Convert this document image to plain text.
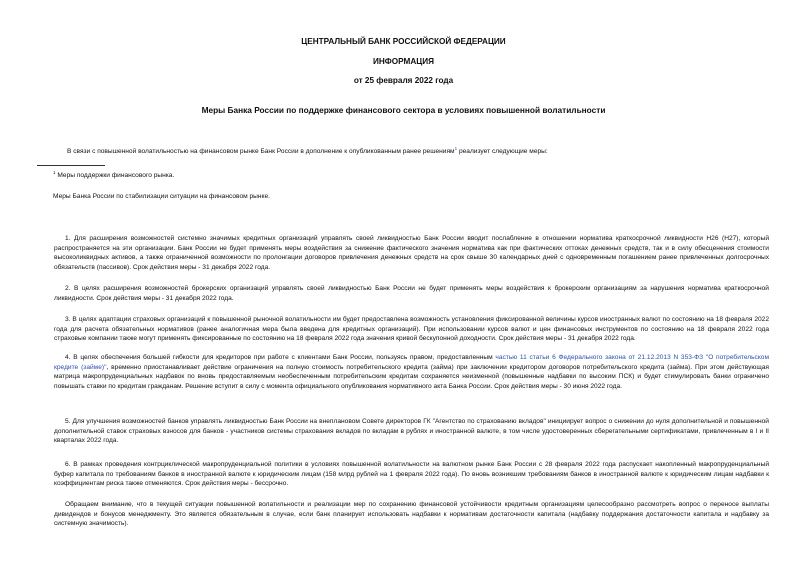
ЦЕНТРАЛЬНЫЙ БАНК РОССИЙСКОЙ ФЕДЕРАЦИИ
ИНФОРМАЦИЯ
от 25 февраля 2022 года
Меры Банка России по поддержке финансового сектора в условиях повышенной волатильности
В связи с повышенной волатильностью на финансовом рынке Банк России в дополнение к опубликованным ранее решениям$^1$ реализует следующие меры:
$^1$ Меры поддержки финансового рынка.
Меры Банка России по стабилизации ситуации на финансовом рынке.
1. Для расширения возможностей системно значимых кредитных организаций управлять своей ликвидностью Банк России вводит послабление в отношении норматива краткосрочной ликвидности Н26 (Н27), который распространяется на эти организации. Банк России не будет применять меры воздействия за снижение фактического значения норматива как при фактических оттоках денежных средств, так и в силу обесценения стоимости высоколиквидных активов, а также ограниченной возможности по пролонгации договоров привлечения денежных средств на срок свыше 30 календарных дней с одновременным погашением ранее привлеченных долгосрочных обязательств (пассивов). Срок действия меры - 31 декабря 2022 года.
2. В целях расширения возможностей брокерских организаций управлять своей ликвидностью Банк России не будет применять меры воздействия к брокерским организациям за нарушения норматива краткосрочной ликвидности. Срок действия меры - 31 декабря 2022 года.
3. В целях адаптации страховых организаций к повышенной рыночной волатильности им будет предоставлена возможность установления фиксированной величины курсов иностранных валют по состоянию на 18 февраля 2022 года для расчета обязательных нормативов (ранее аналогичная мера была введена для кредитных организаций). При использовании курсов валют и цен финансовых инструментов по состоянию на 18 февраля 2022 года страховые компании также могут применять фиксированные по состоянию на 18 февраля 2022 года значения кривой бескупонной доходности. Срок действия меры - 31 декабря 2022 года.
4. В целях обеспечения большей гибкости для кредиторов при работе с клиентами Банк России, пользуясь правом, предоставленным частью 11 статьи 6 Федерального закона от 21.12.2013 N 353-ФЗ "О потребительском кредите (займе)", временно приостанавливает действие ограничения на полную стоимость потребительского кредита (займа) при заключении кредитором договоров потребительского кредита (займа). При этом действующая матрица макропруденциальных надбавок по вновь предоставляемым необеспеченным потребительским кредитам сохраняется неизменной (повышенные надбавки по высоким ПСК) и будет стимулировать банки ограничено повышать ставки по кредитам гражданам. Решение вступит в силу с момента официального опубликования нормативного акта Банка России. Срок действия меры - 30 июня 2022 года.
5. Для улучшения возможностей банков управлять ликвидностью Банк России на внеплановом Совете директоров ГК "Агентство по страхованию вкладов" инициирует вопрос о снижении до нуля дополнительной и повышенной дополнительной ставок страховых взносов для банков - участников системы страхования вкладов по вкладам в рублях и иностранной валюте, в том числе удостоверенных сберегательными сертификатами, привлеченным в I и II кварталах 2022 года.
6. В рамках проведения контрциклической макропруденциальной политики в условиях повышенной волатильности на валютном рынке Банк России с 28 февраля 2022 года распускает накопленный макропруденциальный буфер капитала по требованиям банков в иностранной валюте к юридическим лицам (158 млрд рублей на 1 февраля 2022 года). По вновь возникшим требованиям банков в иностранной валюте к юридическим лицам надбавки к коэффициентам риска также отменяются. Срок действия меры - бессрочно.
Обращаем внимание, что в текущей ситуации повышенной волатильности и реализации мер по сохранению финансовой устойчивости кредитным организациям целесообразно рассмотреть вопрос о переносе выплаты дивидендов и бонусов менеджменту. Это является обязательным в случае, если банк планирует использовать надбавки к нормативам достаточности капитала (надбавку поддержания достаточности капитала и надбавку за системную значимость).
